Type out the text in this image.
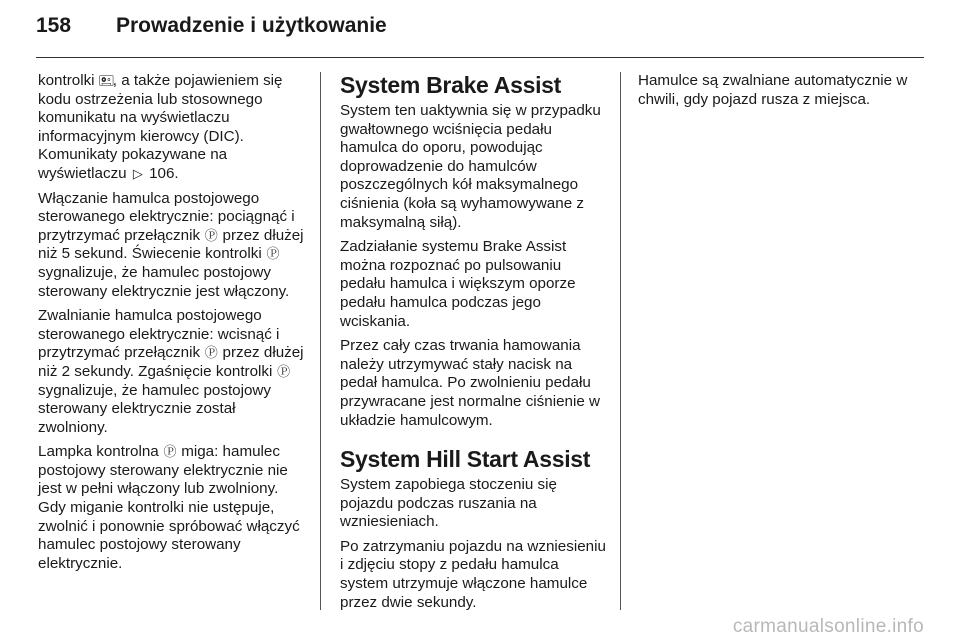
158	Prowadzenie i użytkowanie

kontrolki 🖭, a także pojawieniem się kodu ostrzeżenia lub stosownego komunikatu na wyświetlaczu informacyjnym kierowcy (DIC). Komunikaty pokazywane na wyświetlaczu ▷ 106.

Włączanie hamulca postojowego sterowanego elektrycznie: pociągnąć i przytrzymać przełącznik Ⓟ przez dłużej niż 5 sekund. Świecenie kontrolki Ⓟ sygnalizuje, że hamulec postojowy sterowany elektrycznie jest włączony.

Zwalnianie hamulca postojowego sterowanego elektrycznie: wcisnąć i przytrzymać przełącznik Ⓟ przez dłużej niż 2 sekundy. Zgaśnięcie kontrolki Ⓟ sygnalizuje, że hamulec postojowy sterowany elektrycznie został zwolniony.

Lampka kontrolna Ⓟ miga: hamulec postojowy sterowany elektrycznie nie jest w pełni włączony lub zwolniony. Gdy miganie kontrolki nie ustępuje, zwolnić i ponownie spróbować włączyć hamulec postojowy sterowany elektrycznie.

System Brake Assist

System ten uaktywnia się w przypadku gwałtownego wciśnięcia pedału hamulca do oporu, powodując doprowadzenie do hamulców poszczególnych kół maksymalnego ciśnienia (koła są wyhamowywane z maksymalną siłą).

Zadziałanie systemu Brake Assist można rozpoznać po pulsowaniu pedału hamulca i większym oporze pedału hamulca podczas jego wciskania.

Przez cały czas trwania hamowania należy utrzymywać stały nacisk na pedał hamulca. Po zwolnieniu pedału przywracane jest normalne ciśnienie w układzie hamulcowym.

System Hill Start Assist

System zapobiega stoczeniu się pojazdu podczas ruszania na wzniesieniach.

Po zatrzymaniu pojazdu na wzniesieniu i zdjęciu stopy z pedału hamulca system utrzymuje włączone hamulce przez dwie sekundy.

Hamulce są zwalniane automatycznie w chwili, gdy pojazd rusza z miejsca.

carmanualsonline.info
